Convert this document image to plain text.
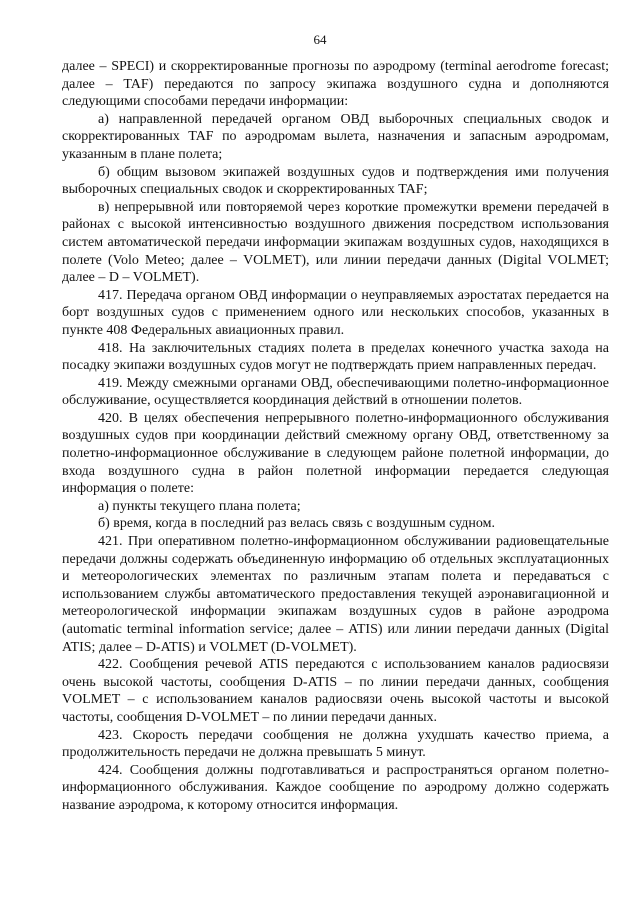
64

далее – SPECI) и скорректированные прогнозы по аэродрому (terminal aerodrome forecast; далее – TAF) передаются по запросу экипажа воздушного судна и дополняются следующими способами передачи информации:

а) направленной передачей органом ОВД выборочных специальных сводок и скорректированных TAF по аэродромам вылета, назначения и запасным аэродромам, указанным в плане полета;

б) общим вызовом экипажей воздушных судов и подтверждения ими получения выборочных специальных сводок и скорректированных TAF;

в) непрерывной или повторяемой через короткие промежутки времени передачей в районах с высокой интенсивностью воздушного движения посредством использования систем автоматической передачи информации экипажам воздушных судов, находящихся в полете (Volo Meteo; далее – VOLMET), или линии передачи данных (Digital VOLMET; далее – D – VOLMET).

417. Передача органом ОВД информации о неуправляемых аэростатах передается на борт воздушных судов с применением одного или нескольких способов, указанных в пункте 408 Федеральных авиационных правил.

418. На заключительных стадиях полета в пределах конечного участка захода на посадку экипажи воздушных судов могут не подтверждать прием направленных передач.

419. Между смежными органами ОВД, обеспечивающими полетно-информационное обслуживание, осуществляется координация действий в отношении полетов.

420. В целях обеспечения непрерывного полетно-информационного обслуживания воздушных судов при координации действий смежному органу ОВД, ответственному за полетно-информационное обслуживание в следующем районе полетной информации, до входа воздушного судна в район полетной информации передается следующая информация о полете:

а) пункты текущего плана полета;

б) время, когда в последний раз велась связь с воздушным судном.

421. При оперативном полетно-информационном обслуживании радиовещательные передачи должны содержать объединенную информацию об отдельных эксплуатационных и метеорологических элементах по различным этапам полета и передаваться с использованием службы автоматического предоставления текущей аэронавигационной и метеорологической информации экипажам воздушных судов в районе аэродрома (automatic terminal information service; далее – ATIS) или линии передачи данных (Digital ATIS; далее – D-ATIS) и VOLMET (D-VOLMET).

422. Сообщения речевой ATIS передаются с использованием каналов радиосвязи очень высокой частоты, сообщения D-ATIS – по линии передачи данных, сообщения VOLMET – с использованием каналов радиосвязи очень высокой частоты и высокой частоты, сообщения D-VOLMET – по линии передачи данных.

423. Скорость передачи сообщения не должна ухудшать качество приема, а продолжительность передачи не должна превышать 5 минут.

424. Сообщения должны подготавливаться и распространяться органом полетно-информационного обслуживания. Каждое сообщение по аэродрому должно содержать название аэродрома, к которому относится информация.
